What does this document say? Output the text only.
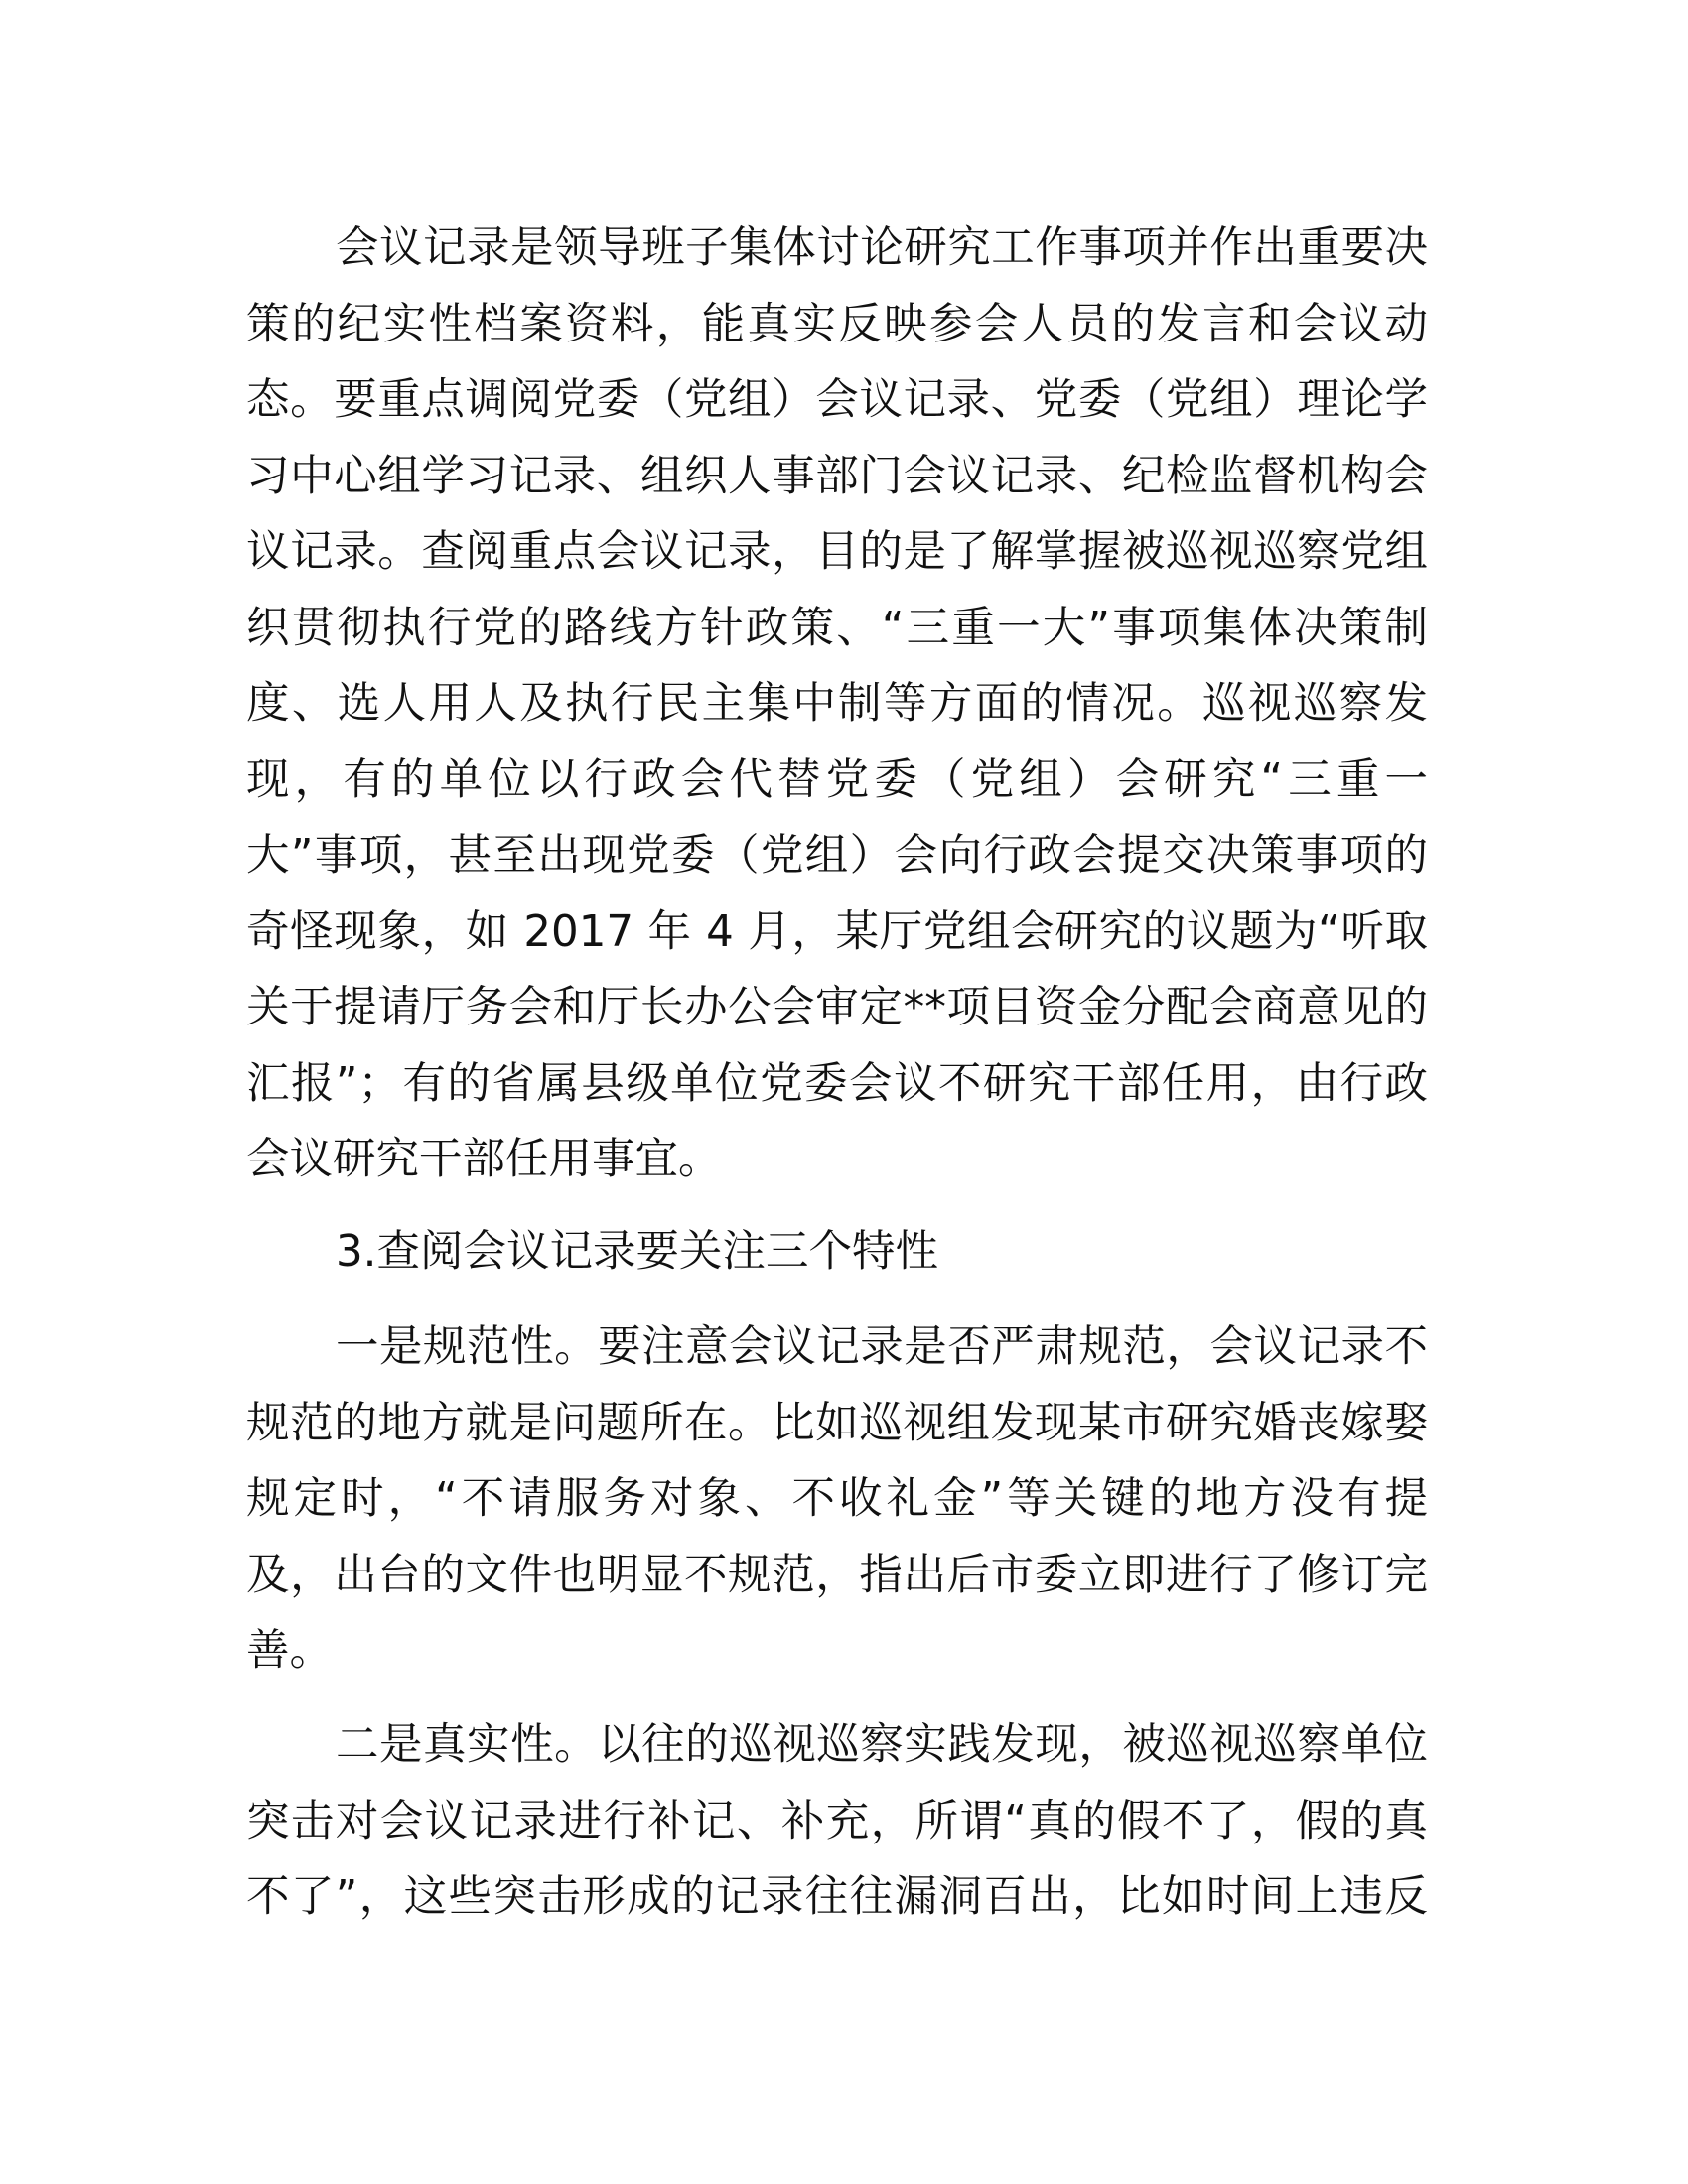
会议记录是领导班子集体讨论研究工作事项并作出重要决
策的纪实性档案资料，能真实反映参会人员的发言和会议动
态。要重点调阅党委（党组）会议记录、党委（党组）理论学
习中心组学习记录、组织人事部门会议记录、纪检监督机构会
议记录。查阅重点会议记录，目的是了解掌握被巡视巡察党组
织贯彻执行党的路线方针政策、“三重一大”事项集体决策制
度、选人用人及执行民主集中制等方面的情况。巡视巡察发
现，有的单位以行政会代替党委（党组）会研究“三重一
大”事项，甚至出现党委（党组）会向行政会提交决策事项的
奇怪现象，如 2017 年 4 月，某厅党组会研究的议题为“听取
关于提请厅务会和厅长办公会审定**项目资金分配会商意见的
汇报”；有的省属县级单位党委会议不研究干部任用，由行政
会议研究干部任用事宜。
3.查阅会议记录要关注三个特性
一是规范性。要注意会议记录是否严肃规范，会议记录不
规范的地方就是问题所在。比如巡视组发现某市研究婚丧嫁娶
规定时，“不请服务对象、不收礼金”等关键的地方没有提
及，出台的文件也明显不规范，指出后市委立即进行了修订完
善。
二是真实性。以往的巡视巡察实践发现，被巡视巡察单位
突击对会议记录进行补记、补充，所谓“真的假不了，假的真
不了”，这些突击形成的记录往往漏洞百出，比如时间上违反
